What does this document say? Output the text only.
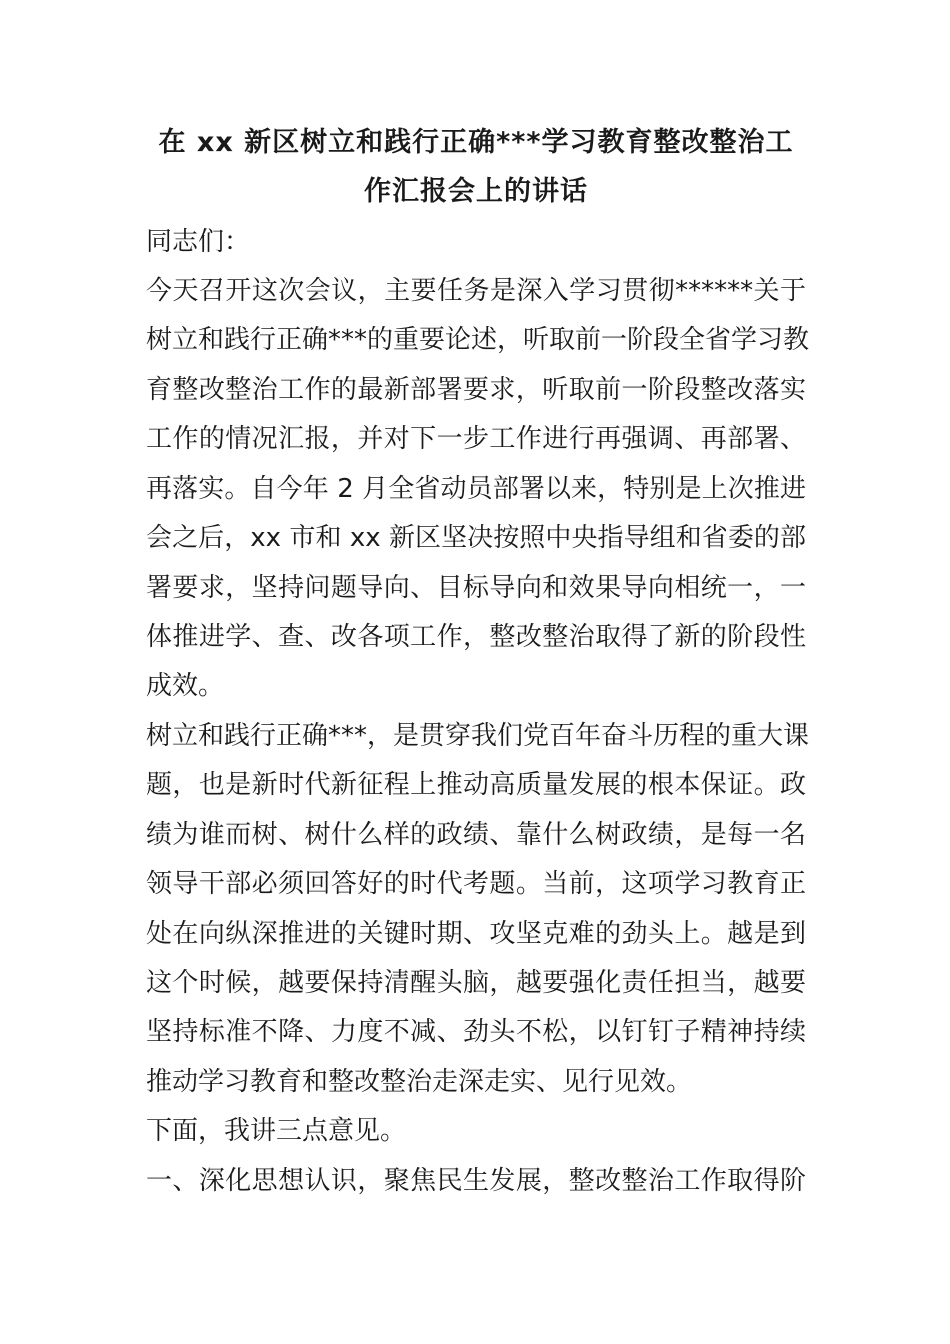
在 xx 新区树立和践行正确***学习教育整改整治工
作汇报会上的讲话
同志们：
今天召开这次会议，主要任务是深入学习贯彻******关于
树立和践行正确***的重要论述，听取前一阶段全省学习教
育整改整治工作的最新部署要求，听取前一阶段整改落实
工作的情况汇报，并对下一步工作进行再强调、再部署、
再落实。自今年 2 月全省动员部署以来，特别是上次推进
会之后，xx 市和 xx 新区坚决按照中央指导组和省委的部
署要求，坚持问题导向、目标导向和效果导向相统一，一
体推进学、查、改各项工作，整改整治取得了新的阶段性
成效。
树立和践行正确***，是贯穿我们党百年奋斗历程的重大课
题，也是新时代新征程上推动高质量发展的根本保证。政
绩为谁而树、树什么样的政绩、靠什么树政绩，是每一名
领导干部必须回答好的时代考题。当前，这项学习教育正
处在向纵深推进的关键时期、攻坚克难的劲头上。越是到
这个时候，越要保持清醒头脑，越要强化责任担当，越要
坚持标准不降、力度不减、劲头不松，以钉钉子精神持续
推动学习教育和整改整治走深走实、见行见效。
下面，我讲三点意见。
一、深化思想认识，聚焦民生发展，整改整治工作取得阶
